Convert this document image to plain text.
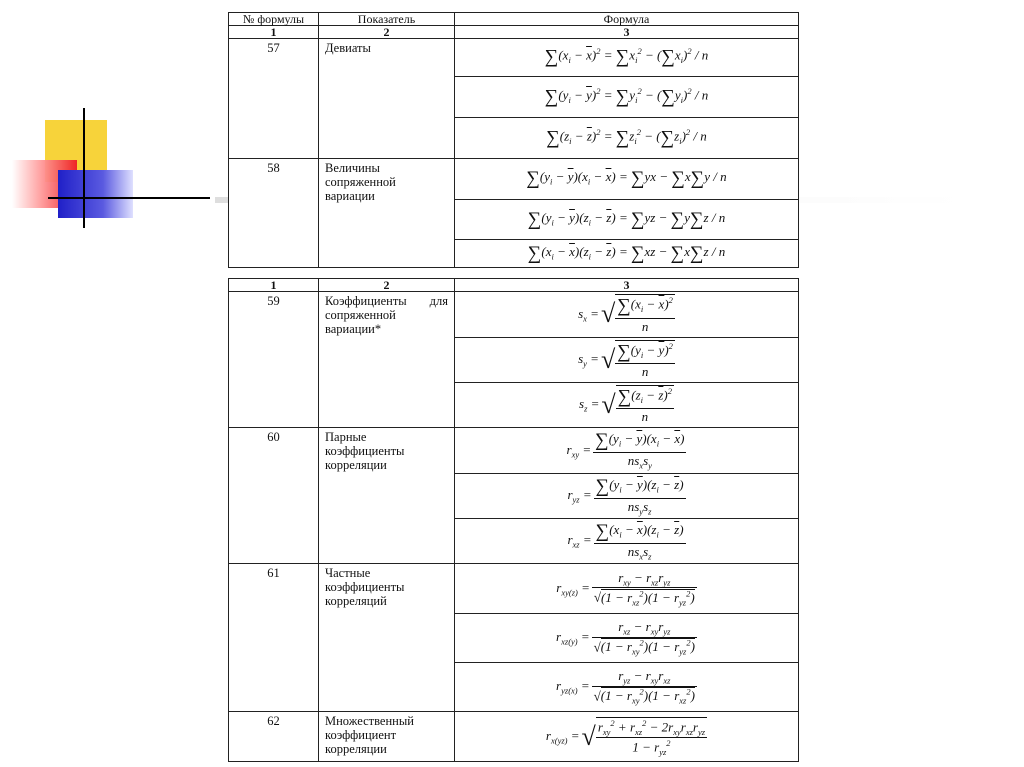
№ формулы	Показатель	Формула
1	2	3
57	Девиаты	$\sum(x_i - \overline{x})^2 = \sum x_i^2 - (\sum x_i)^2 / n$
		$\sum(y_i - \overline{y})^2 = \sum y_i^2 - (\sum y_i)^2 / n$
		$\sum(z_i - \overline{z})^2 = \sum z_i^2 - (\sum z_i)^2 / n$
58	Величины сопряженной вариации	$\sum(y_i - \overline{y})(x_i - \overline{x}) = \sum yx - \sum x\sum y / n$
		$\sum(y_i - \overline{y})(z_i - \overline{z}) = \sum yz - \sum y\sum z / n$
		$\sum(x_i - \overline{x})(z_i - \overline{z}) = \sum xz - \sum x\sum z / n$
1	2	3
59	Коэффициенты для сопряженной вариации*	$s_x$ =√ $\frac{\sum(x_i - \overline{x})^2}{n}$

		$s_y$ =√ $\frac{\sum(y_i - \overline{y})^2}{n}$

		$s_z$ =√ $\frac{\sum(z_i - \overline{z})^2}{n}$

60	Парные коэффициенты корреляции	$r_{xy} = \frac{\sum(y_i - \overline{y})(x_i - \overline{x})}{ns_xs_y}$

		$r_{yz} = \frac{\sum(y_i - \overline{y})(z_i - \overline{z})}{ns_ys_z}$

		$r_{xz} = \frac{\sum(x_i - \overline{x})(z_i - \overline{z})}{ns_xs_z}$

61	Частные коэффициенты корреляций	$r_{xy(z)} = \frac{r_{xy} - r_{xz}r_{yz}}{√(1 - r_{xz}^2)(1 - r_{yz}^2)}$

		$r_{xz(y)} = \frac{r_{xz} - r_{xy}r_{yz}}{√(1 - r_{xy}^2)(1 - r_{yz}^2)}$

		$r_{yz(x)} = \frac{r_{yz} - r_{xy}r_{xz}}{√(1 - r_{xy}^2)(1 - r_{xz}^2)}$

62	Множественный коэффициент корреляции	$r_{x(yz)}$ =√ $\frac{r_{xy}^2 + r_{xz}^2 - 2r_{xy}r_{xz}r_{yz}}{1 - r_{yz}^2}$
